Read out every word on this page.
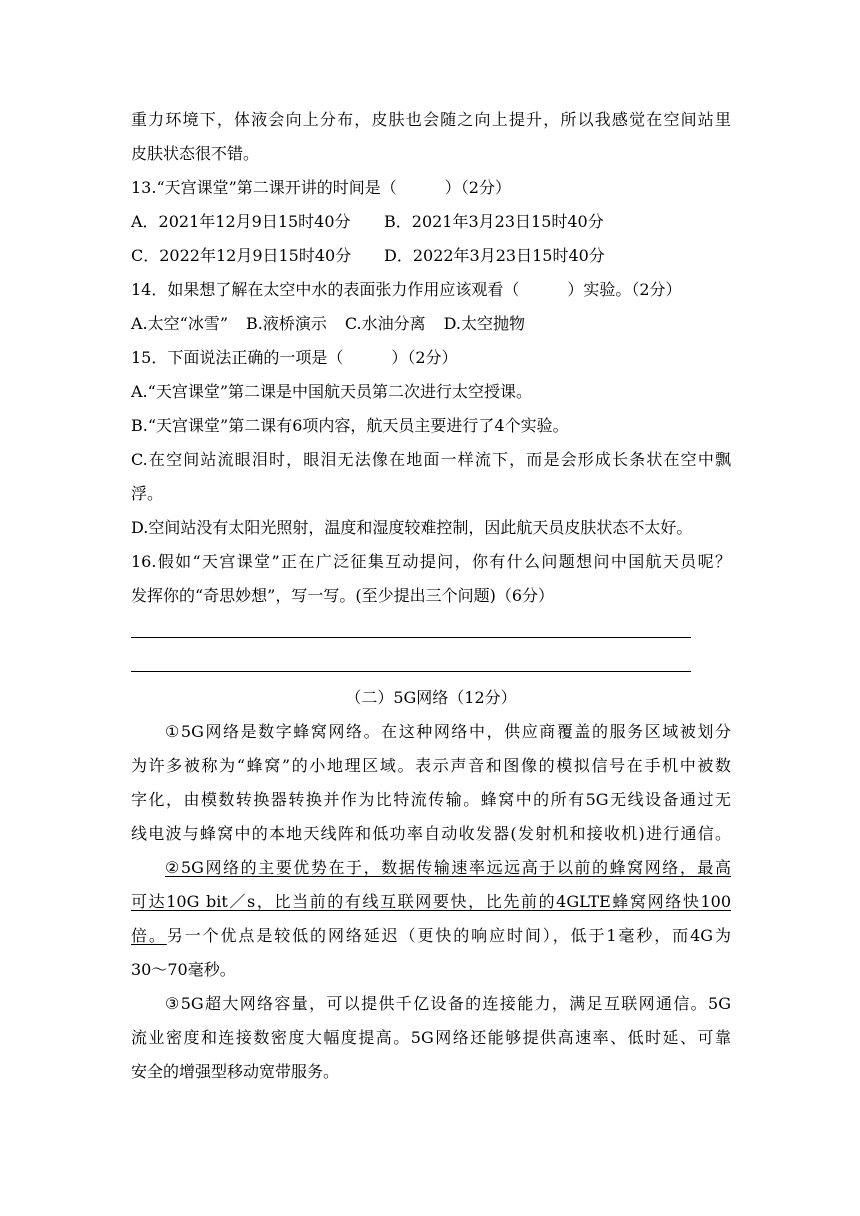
重力环境下，体液会向上分布，皮肤也会随之向上提升，所以我感觉在空间站里
皮肤状态很不错。
13.“天宫课堂”第二课开讲的时间是（　　　）（2分）
A．2021年12月9日15时40分 B．2021年3月23日15时40分
C．2022年12月9日15时40分 D．2022年3月23日15时40分
14．如果想了解在太空中水的表面张力作用应该观看（　　　）实验。（2分）
A.太空“冰雪” B.液桥演示 C.水油分离 D.太空抛物
15．下面说法正确的一项是（　　　）（2分）
A.“天宫课堂”第二课是中国航天员第二次进行太空授课。
B.“天宫课堂”第二课有6项内容，航天员主要进行了4个实验。
C.在空间站流眼泪时，眼泪无法像在地面一样流下，而是会形成长条状在空中飘
浮。
D.空间站没有太阳光照射，温度和湿度较难控制，因此航天员皮肤状态不太好。
16.假如“天宫课堂”正在广泛征集互动提问，你有什么问题想问中国航天员呢？
发挥你的“奇思妙想”，写一写。(至少提出三个问题)（6分）
（二）5G网络（12分）
①5G网络是数字蜂窝网络。在这种网络中，供应商覆盖的服务区域被划分
为许多被称为“蜂窝”的小地理区域。表示声音和图像的模拟信号在手机中被数
字化，由模数转换器转换并作为比特流传输。蜂窝中的所有5G无线设备通过无
线电波与蜂窝中的本地天线阵和低功率自动收发器(发射机和接收机)进行通信。
②5G网络的主要优势在于，数据传输速率远远高于以前的蜂窝网络，最高
可达10G bit／s，比当前的有线互联网要快，比先前的4GLTE蜂窝网络快100
倍。另一个优点是较低的网络延迟（更快的响应时间），低于1毫秒，而4G为
30～70毫秒。
③5G超大网络容量，可以提供千亿设备的连接能力，满足互联网通信。5G
流业密度和连接数密度大幅度提高。5G网络还能够提供高速率、低时延、可靠
安全的增强型移动宽带服务。
